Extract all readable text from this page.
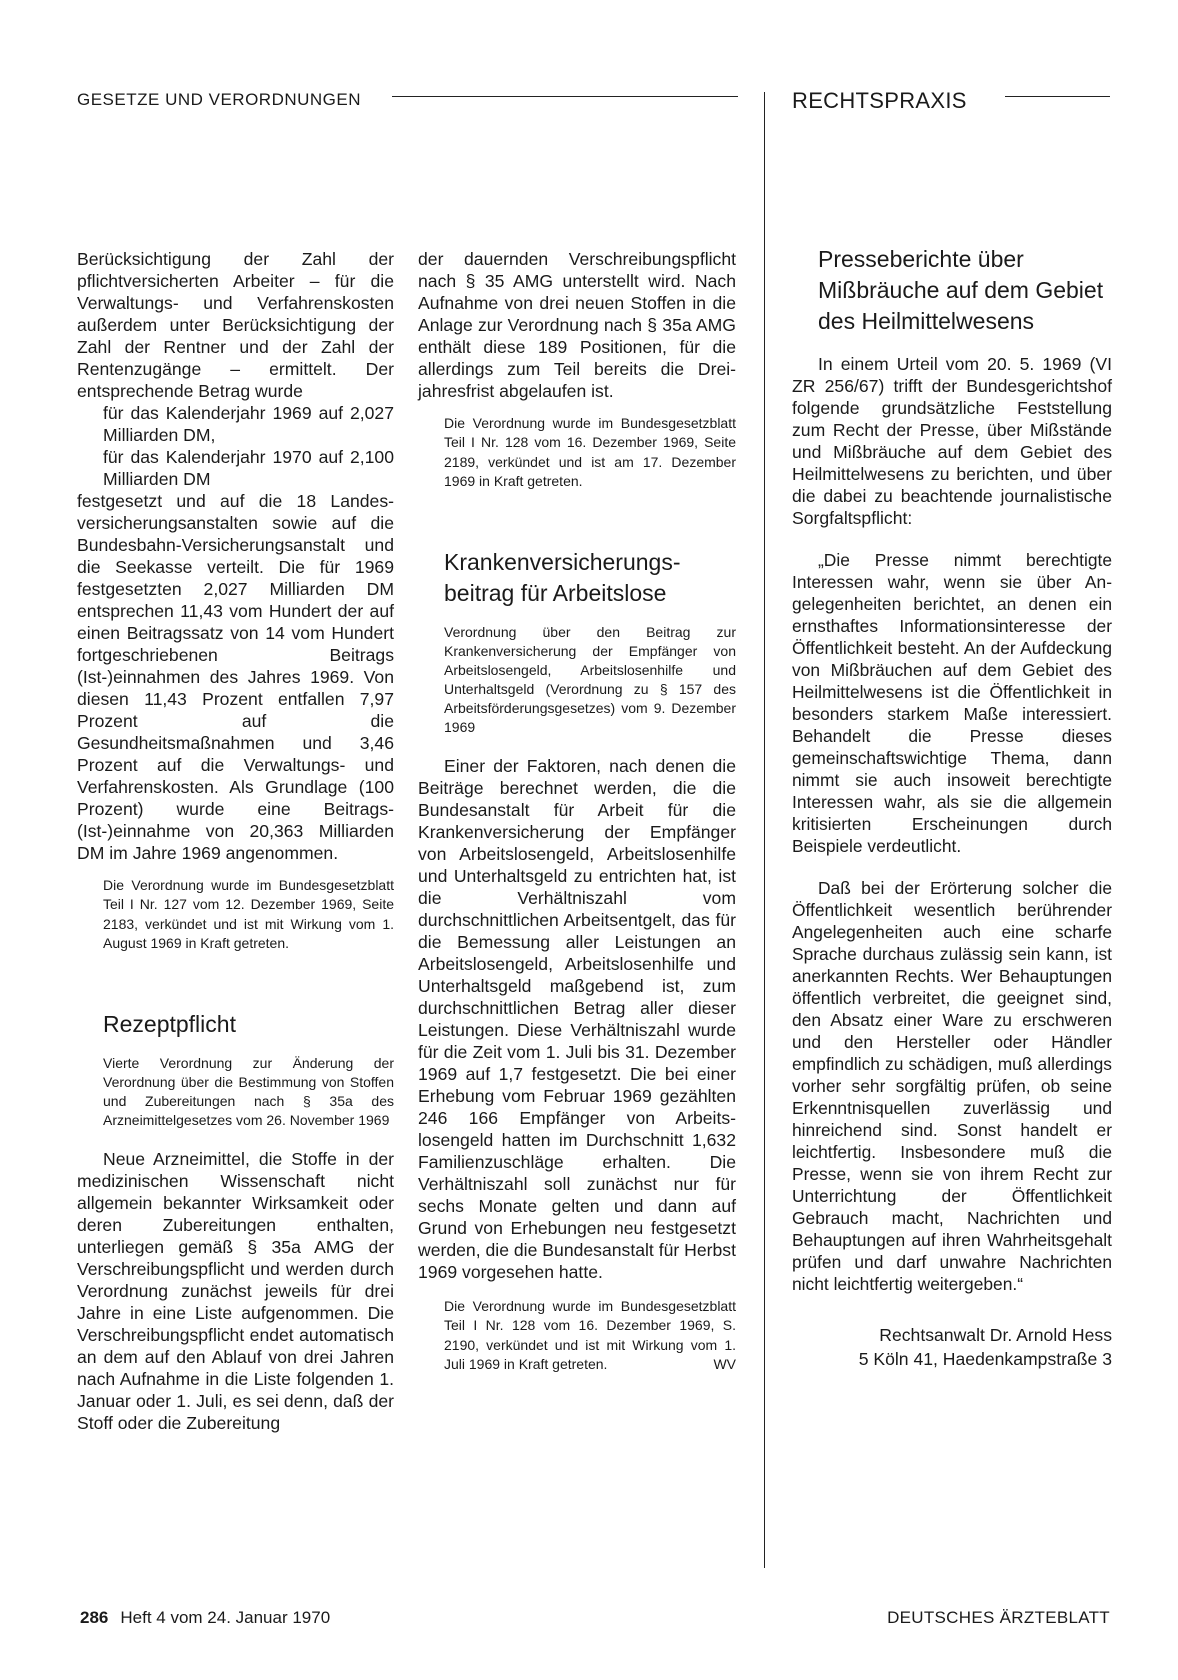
GESETZE UND VERORDNUNGEN	RECHTSPRAXIS

Berücksichtigung der Zahl der pflichtversicherten Arbeiter – für die Verwaltungs- und Verfahrenskosten außerdem unter Berücksichtigung der Zahl der Rentner und der Zahl der Rentenzugänge – ermittelt. Der entsprechende Betrag wurde

für das Kalenderjahr 1969 auf 2,027 Milliarden DM,

für das Kalenderjahr 1970 auf 2,100 Milliarden DM

festgesetzt und auf die 18 Landesversicherungsanstalten sowie auf die Bundesbahn-Versicherungsanstalt und die Seekasse verteilt. Die für 1969 festgesetzten 2,027 Milliarden DM entsprechen 11,43 vom Hundert der auf einen Beitragssatz von 14 vom Hundert fortgeschriebenen Beitrags (Ist-)einnahmen des Jahres 1969. Von diesen 11,43 Prozent entfallen 7,97 Prozent auf die Gesundheitsmaßnahmen und 3,46 Prozent auf die Verwaltungs- und Verfahrenskosten. Als Grundlage (100 Prozent) wurde eine Beitrags(Ist-)einnahme von 20,363 Milliarden DM im Jahre 1969 angenommen.

Die Verordnung wurde im Bundesgesetzblatt Teil I Nr. 127 vom 12. Dezember 1969, Seite 2183, verkündet und ist mit Wirkung vom 1. August 1969 in Kraft getreten.

Rezeptpflicht

Vierte Verordnung zur Änderung der Verordnung über die Bestimmung von Stoffen und Zubereitungen nach § 35a des Arzneimittelgesetzes vom 26. November 1969

Neue Arzneimittel, die Stoffe in der medizinischen Wissenschaft nicht allgemein bekannter Wirksamkeit oder deren Zubereitungen enthalten, unterliegen gemäß § 35a AMG der Verschreibungspflicht und werden durch Verordnung zunächst jeweils für drei Jahre in eine Liste aufgenommen. Die Verschreibungspflicht endet automatisch an dem auf den Ablauf von drei Jahren nach Aufnahme in die Liste folgenden 1. Januar oder 1. Juli, es sei denn, daß der Stoff oder die Zubereitung

der dauernden Verschreibungspflicht nach § 35 AMG unterstellt wird. Nach Aufnahme von drei neuen Stoffen in die Anlage zur Verordnung nach § 35a AMG enthält diese 189 Positionen, für die allerdings zum Teil bereits die Dreijahresfrist abgelaufen ist.

Die Verordnung wurde im Bundesgesetzblatt Teil I Nr. 128 vom 16. Dezember 1969, Seite 2189, verkündet und ist am 17. Dezember 1969 in Kraft getreten.

Krankenversicherungsbeitrag für Arbeitslose

Verordnung über den Beitrag zur Krankenversicherung der Empfänger von Arbeitslosengeld, Arbeitslosenhilfe und Unterhaltsgeld (Verordnung zu § 157 des Arbeitsförderungsgesetzes) vom 9. Dezember 1969

Einer der Faktoren, nach denen die Beiträge berechnet werden, die die Bundesanstalt für Arbeit für die Krankenversicherung der Empfänger von Arbeitslosengeld, Arbeitslosenhilfe und Unterhaltsgeld zu entrichten hat, ist die Verhältniszahl vom durchschnittlichen Arbeitsentgelt, das für die Bemessung aller Leistungen an Arbeitslosengeld, Arbeitslosenhilfe und Unterhaltsgeld maßgebend ist, zum durchschnittlichen Betrag aller dieser Leistungen. Diese Verhältniszahl wurde für die Zeit vom 1. Juli bis 31. Dezember 1969 auf 1,7 festgesetzt. Die bei einer Erhebung vom Februar 1969 gezählten 246 166 Empfänger von Arbeitslosengeld hatten im Durchschnitt 1,632 Familienzuschläge erhalten. Die Verhältniszahl soll zunächst nur für sechs Monate gelten und dann auf Grund von Erhebungen neu festgesetzt werden, die die Bundesanstalt für Herbst 1969 vorgesehen hatte.

Die Verordnung wurde im Bundesgesetzblatt Teil I Nr. 128 vom 16. Dezember 1969, S. 2190, verkündet und ist mit Wirkung vom 1. Juli 1969 in Kraft getreten.	WV

Presseberichte über Mißbräuche auf dem Gebiet des Heilmittelwesens

In einem Urteil vom 20. 5. 1969 (VI ZR 256/67) trifft der Bundesgerichtshof folgende grundsätzliche Feststellung zum Recht der Presse, über Mißstände und Mißbräuche auf dem Gebiet des Heilmittelwesens zu berichten, und über die dabei zu beachtende journalistische Sorgfaltspflicht:

„Die Presse nimmt berechtigte Interessen wahr, wenn sie über Angelegenheiten berichtet, an denen ein ernsthaftes Informationsinteresse der Öffentlichkeit besteht. An der Aufdeckung von Mißbräuchen auf dem Gebiet des Heilmittelwesens ist die Öffentlichkeit in besonders starkem Maße interessiert. Behandelt die Presse dieses gemeinschaftswichtige Thema, dann nimmt sie auch insoweit berechtigte Interessen wahr, als sie die allgemein kritisierten Erscheinungen durch Beispiele verdeutlicht.

Daß bei der Erörterung solcher die Öffentlichkeit wesentlich berührender Angelegenheiten auch eine scharfe Sprache durchaus zulässig sein kann, ist anerkannten Rechts. Wer Behauptungen öffentlich verbreitet, die geeignet sind, den Absatz einer Ware zu erschweren und den Hersteller oder Händler empfindlich zu schädigen, muß allerdings vorher sehr sorgfältig prüfen, ob seine Erkenntnisquellen zuverlässig und hinreichend sind. Sonst handelt er leichtfertig. Insbesondere muß die Presse, wenn sie von ihrem Recht zur Unterrichtung der Öffentlichkeit Gebrauch macht, Nachrichten und Behauptungen auf ihren Wahrheitsgehalt prüfen und darf unwahre Nachrichten nicht leichtfertig weitergeben.“

Rechtsanwalt Dr. Arnold Hess

5 Köln 41, Haedenkampstraße 3

286 Heft 4 vom 24. Januar 1970	DEUTSCHES ÄRZTEBLATT
